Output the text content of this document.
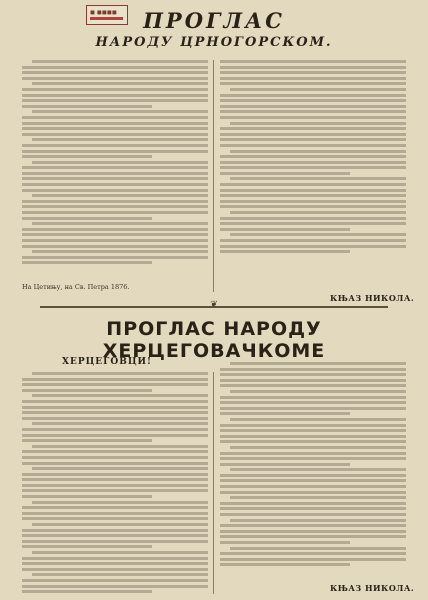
◼ ◼◼◼◼	ПРОГЛАС
НАРОДУ ЦРНОГОРСКОМ.
На Цетињу, на Св. Петра 1876.
КЊАЗ НИКОЛА.
❦
ПРОГЛАС НАРОДУ ХЕРЦЕГОВАЧКОМЕ
ХЕРЦЕГОВЦИ!
КЊАЗ НИКОЛА.
